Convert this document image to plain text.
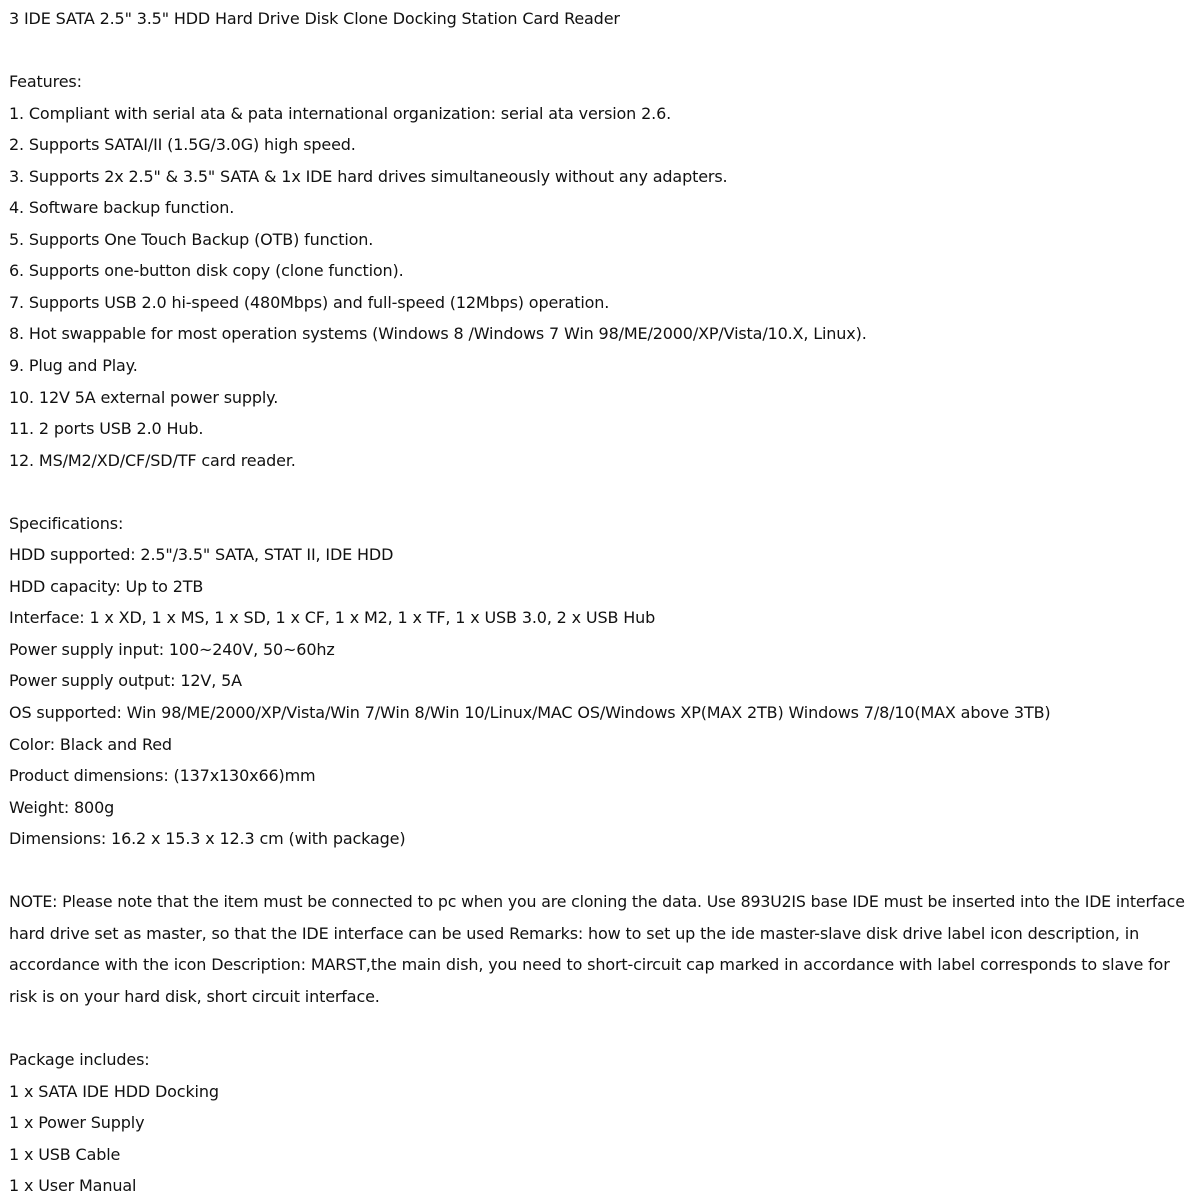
3 IDE SATA 2.5" 3.5" HDD Hard Drive Disk Clone Docking Station Card Reader
Features:
1. Compliant with serial ata & pata international organization: serial ata version 2.6.
2. Supports SATAI/II (1.5G/3.0G) high speed.
3. Supports 2x 2.5" & 3.5" SATA & 1x IDE hard drives simultaneously without any adapters.
4. Software backup function.
5. Supports One Touch Backup (OTB) function.
6. Supports one-button disk copy (clone function).
7. Supports USB 2.0 hi-speed (480Mbps) and full-speed (12Mbps) operation.
8. Hot swappable for most operation systems (Windows 8 /Windows 7 Win 98/ME/2000/XP/Vista/10.X, Linux).
9. Plug and Play.
10. 12V 5A external power supply.
11. 2 ports USB 2.0 Hub.
12. MS/M2/XD/CF/SD/TF card reader.
Specifications:
HDD supported: 2.5"/3.5" SATA, STAT II, IDE HDD
HDD capacity: Up to 2TB
Interface: 1 x XD, 1 x MS, 1 x SD, 1 x CF, 1 x M2, 1 x TF, 1 x USB 3.0, 2 x USB Hub
Power supply input: 100~240V, 50~60hz
Power supply output: 12V, 5A
OS supported: Win 98/ME/2000/XP/Vista/Win 7/Win 8/Win 10/Linux/MAC OS/Windows XP(MAX 2TB) Windows 7/8/10(MAX above 3TB)
Color: Black and Red
Product dimensions: (137x130x66)mm
Weight: 800g
Dimensions: 16.2 x 15.3 x 12.3 cm (with package)
NOTE: Please note that the item must be connected to pc when you are cloning the data. Use 893U2IS base IDE must be inserted into the IDE interface
hard drive set as master, so that the IDE interface can be used Remarks: how to set up the ide master-slave disk drive label icon description, in
accordance with the icon Description: MARST,the main dish, you need to short-circuit cap marked in accordance with label corresponds to slave for
risk is on your hard disk, short circuit interface.
Package includes:
1 x SATA IDE HDD Docking
1 x Power Supply
1 x USB Cable
1 x User Manual
